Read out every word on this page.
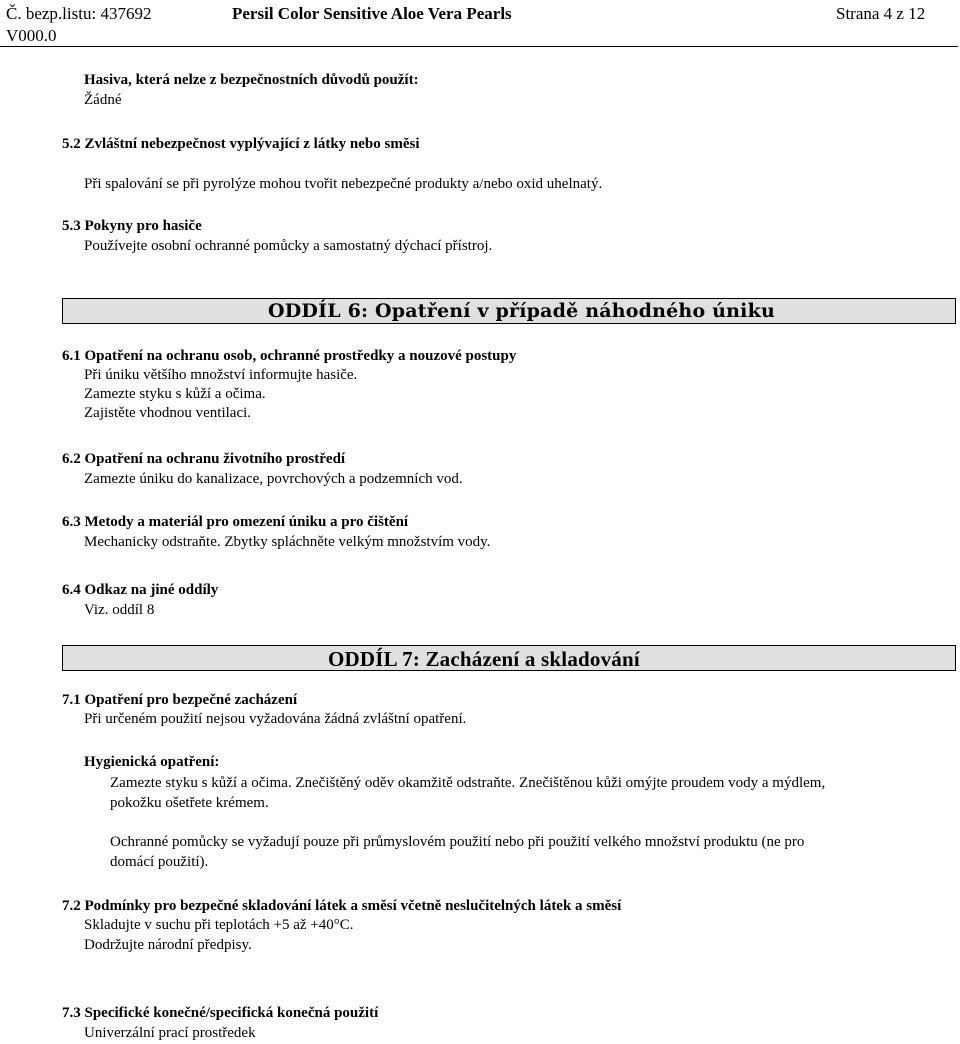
Č. bezp.listu: 437692
V000.0
Persil Color Sensitive Aloe Vera Pearls	Strana 4 z 12
Hasiva, která nelze z bezpečnostních důvodů použít:
Žádné
5.2 Zvláštní nebezpečnost vyplývající z látky nebo směsi
Při spalování se při pyrolýze mohou tvořit nebezpečné produkty a/nebo oxid uhelnatý.
5.3 Pokyny pro hasiče
Používejte osobní ochranné pomůcky a samostatný dýchací přístroj.
ODDÍL 6: Opatření v případě náhodného úniku
6.1 Opatření na ochranu osob, ochranné prostředky a nouzové postupy
Při úniku většího množství informujte hasiče.
Zamezte styku s kůží a očima.
Zajistěte vhodnou ventilaci.
6.2 Opatření na ochranu životního prostředí
Zamezte úniku do kanalizace, povrchových a podzemních vod.
6.3 Metody a materiál pro omezení úniku a pro čištění
Mechanicky odstraňte. Zbytky spláchněte velkým množstvím vody.
6.4 Odkaz na jiné oddíly
Viz. oddíl 8
ODDÍL 7: Zacházení a skladování
7.1 Opatření pro bezpečné zacházení
Při určeném použití nejsou vyžadována žádná zvláštní opatření.
Hygienická opatření:
Zamezte styku s kůží a očima. Znečištěný oděv okamžitě odstraňte. Znečištěnou kůži omýjte proudem vody a mýdlem,
pokožku ošetřete krémem.
Ochranné pomůcky se vyžadují pouze při průmyslovém použití nebo při použití velkého množství produktu (ne pro
domácí použití).
7.2 Podmínky pro bezpečné skladování látek a směsí včetně neslučitelných látek a směsí
Skladujte v suchu při teplotách +5 až +40°C.
Dodržujte národní předpisy.
7.3 Specifické konečné/specifická konečná použití
Univerzální prací prostředek
